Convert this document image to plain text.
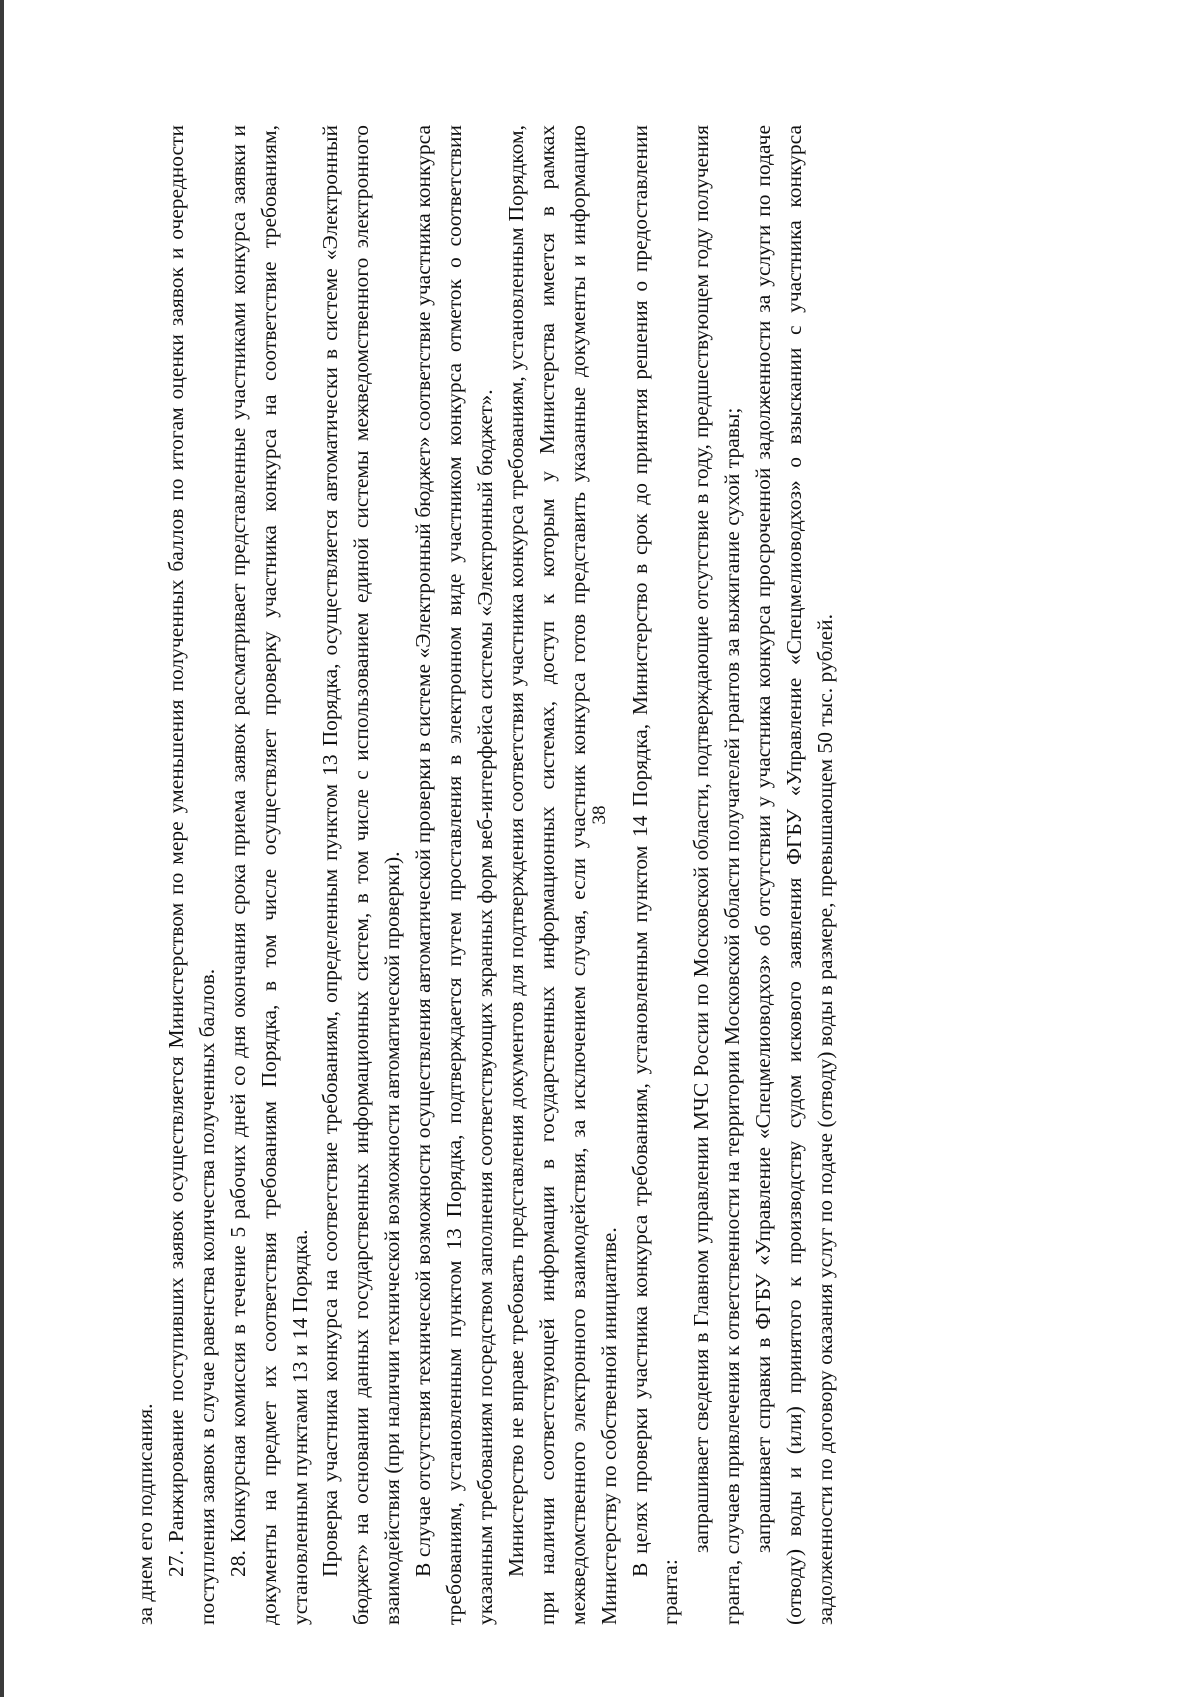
38

за днем его подписания. 27. Ранжирование поступивших заявок осуществляется Министерством по мере уменьшения полученных баллов по итогам оценки заявок и очередности поступления заявок в случае равенства количества полученных баллов. 28. Конкурсная комиссия в течение 5 рабочих дней со дня окончания срока приема заявок рассматривает представленные участниками конкурса заявки и документы на предмет их соответствия требованиям Порядка, в том числе осуществляет проверку участника конкурса на соответствие требованиям, установленным пунктами 13 и 14 Порядка. Проверка участника конкурса на соответствие требованиям, определенным пунктом 13 Порядка, осуществляется автоматически в системе «Электронный бюджет» на основании данных государственных информационных систем, в том числе с использованием единой системы межведомственного электронного взаимодействия (при наличии технической возможности автоматической проверки). В случае отсутствия технической возможности осуществления автоматической проверки в системе «Электронный бюджет» соответствие участника конкурса требованиям, установленным пунктом 13 Порядка, подтверждается путем проставления в электронном виде участником конкурса отметок о соответствии указанным требованиям посредством заполнения соответствующих экранных форм веб-интерфейса системы «Электронный бюджет». Министерство не вправе требовать представления документов для подтверждения соответствия участника конкурса требованиям, установленным Порядком, при наличии соответствующей информации в государственных информационных системах, доступ к которым у Министерства имеется в рамках межведомственного электронного взаимодействия, за исключением случая, если участник конкурса готов представить указанные документы и информацию Министерству по собственной инициативе. В целях проверки участника конкурса требованиям, установленным пунктом 14 Порядка, Министерство в срок до принятия решения о предоставлении гранта:

запрашивает сведения в Главном управлении МЧС России по Московской области, подтверждающие отсутствие в году, предшествующем году получения гранта, случаев привлечения к ответственности на территории Московской области получателей грантов за выжигание сухой травы; запрашивает справки в ФГБУ «Управление «Спецмелиоводхоз» об отсутствии у участника конкурса просроченной задолженности за услуги по подаче (отводу) воды и (или) принятого к производству судом искового заявления ФГБУ «Управление «Спецмелиоводхоз» о взыскании с участника конкурса задолженности по договору оказания услуг по подаче (отводу) воды в размере, превышающем 50 тыс. рублей.
